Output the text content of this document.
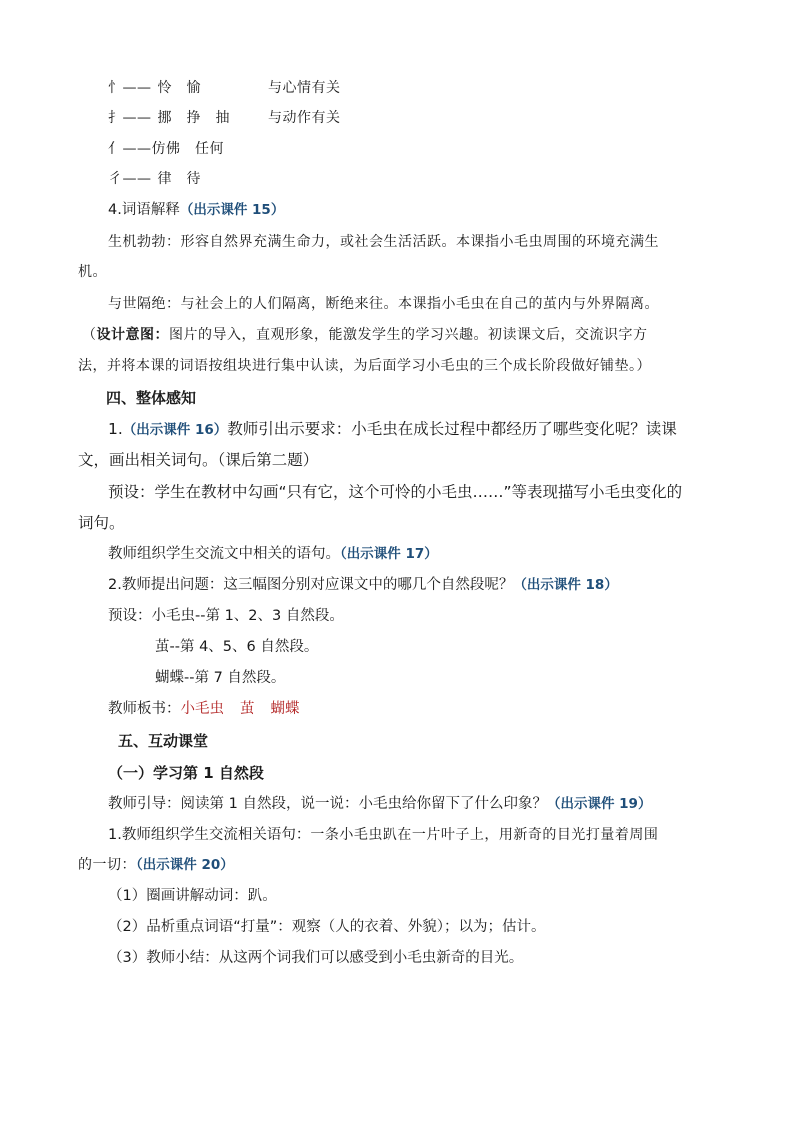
忄—— 怜　愉	与心情有关
扌—— 挪　挣　抽	与动作有关
亻——仿佛　任何
彳—— 律　待
4.词语解释（出示课件 15）
生机勃勃：形容自然界充满生命力，或社会生活活跃。本课指小毛虫周围的环境充满生
机。
与世隔绝：与社会上的人们隔离，断绝来往。本课指小毛虫在自己的茧内与外界隔离。
（设计意图：图片的导入，直观形象，能激发学生的学习兴趣。初读课文后，交流识字方
法，并将本课的词语按组块进行集中认读，为后面学习小毛虫的三个成长阶段做好铺垫。）
四、整体感知
1.（出示课件 16）教师引出示要求：小毛虫在成长过程中都经历了哪些变化呢？读课
文，画出相关词句。（课后第二题）
预设：学生在教材中勾画“只有它，这个可怜的小毛虫……”等表现描写小毛虫变化的
词句。
教师组织学生交流文中相关的语句。（出示课件 17）
2.教师提出问题：这三幅图分别对应课文中的哪几个自然段呢？（出示课件 18）
预设：小毛虫--第 1、2、3 自然段。
茧--第 4、5、6 自然段。
蝴蝶--第 7 自然段。
教师板书：小毛虫 茧 蝴蝶
五、互动课堂
（一）学习第 1 自然段
教师引导：阅读第 1 自然段，说一说：小毛虫给你留下了什么印象？（出示课件 19）
1.教师组织学生交流相关语句：一条小毛虫趴在一片叶子上，用新奇的目光打量着周围
的一切：（出示课件 20）
（1）圈画讲解动词：趴。
（2）品析重点词语“打量”：观察（人的衣着、外貌）；以为；估计。
（3）教师小结：从这两个词我们可以感受到小毛虫新奇的目光。
